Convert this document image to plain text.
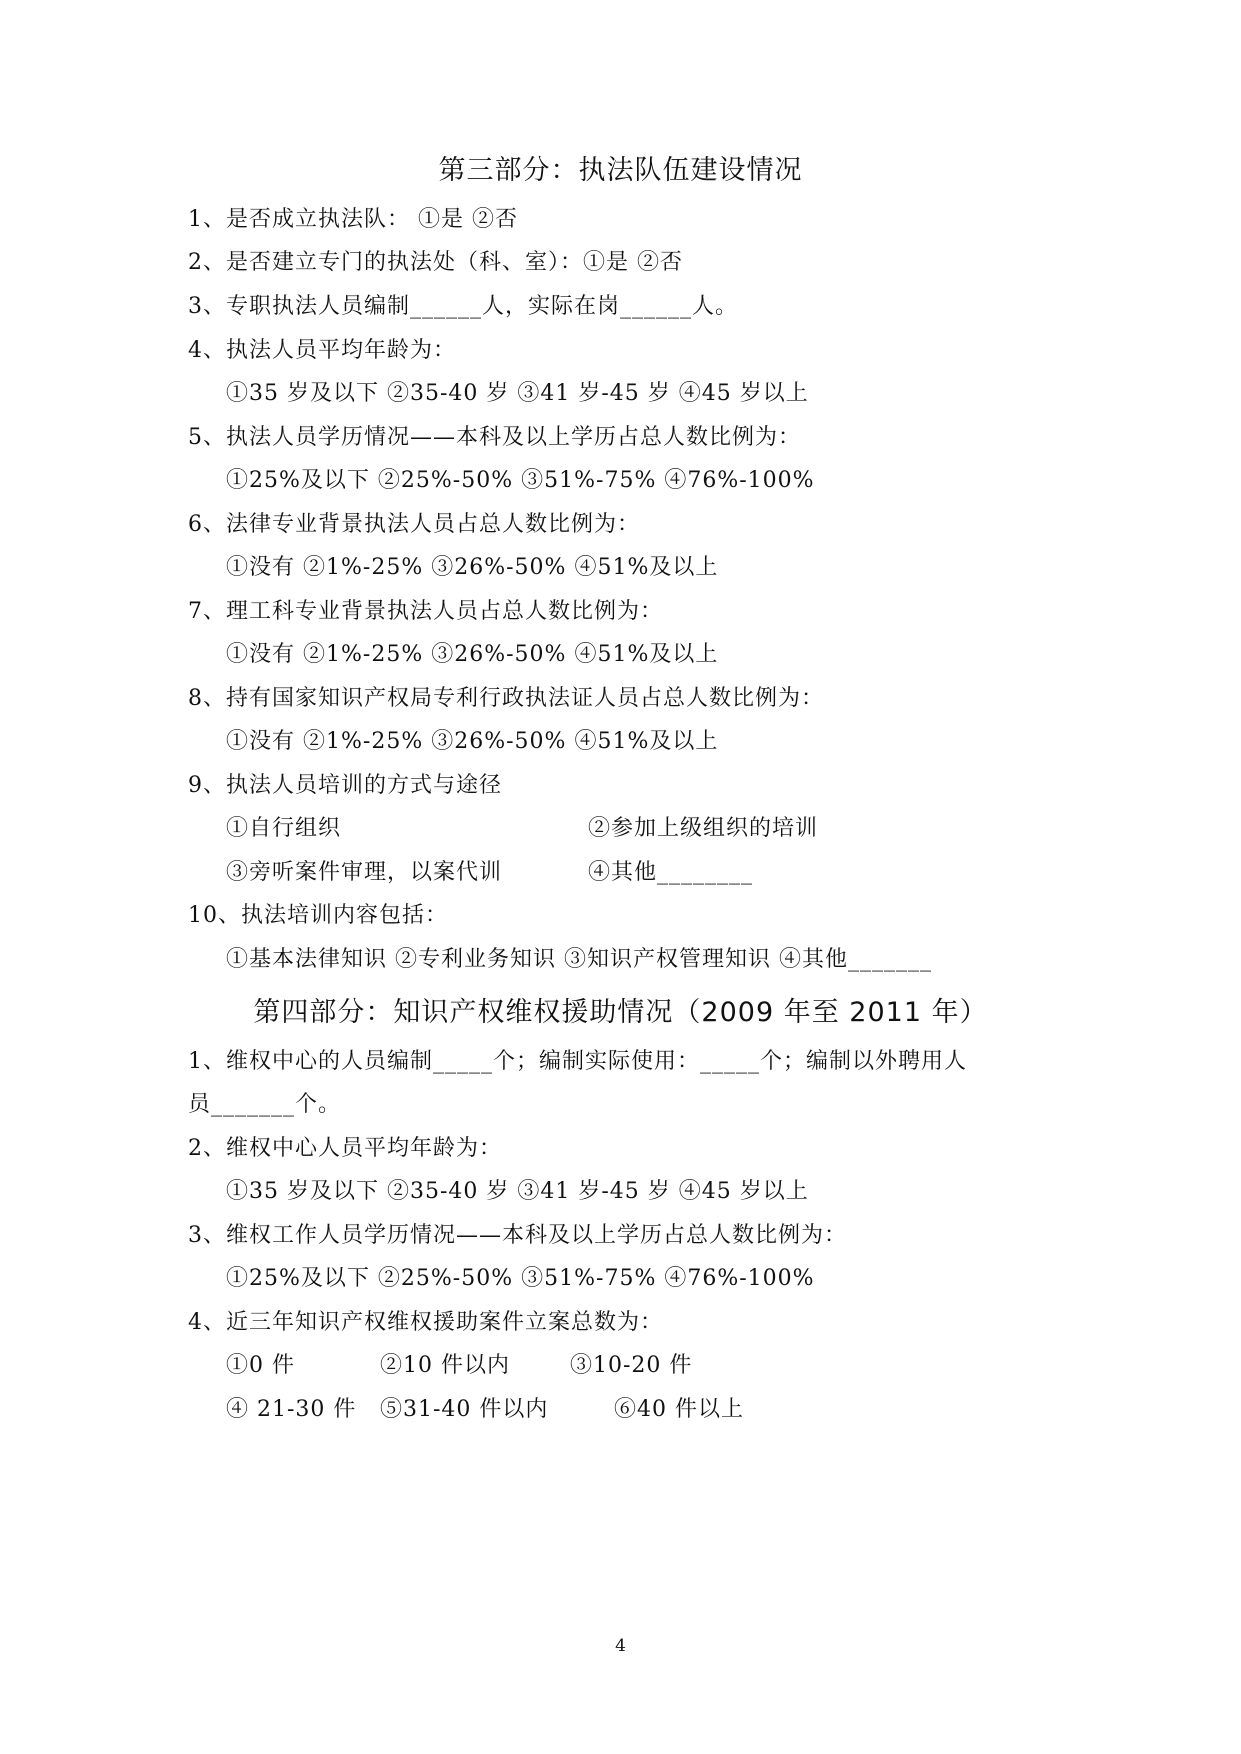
第三部分：执法队伍建设情况
1、是否成立执法队： ①是 ②否
2、是否建立专门的执法处（科、室）：①是 ②否
3、专职执法人员编制______人，实际在岗______人。
4、执法人员平均年龄为：
①35 岁及以下 ②35-40 岁 ③41 岁-45 岁 ④45 岁以上
5、执法人员学历情况——本科及以上学历占总人数比例为：
①25%及以下 ②25%-50% ③51%-75% ④76%-100%
6、法律专业背景执法人员占总人数比例为：
①没有 ②1%-25% ③26%-50% ④51%及以上
7、理工科专业背景执法人员占总人数比例为：
①没有 ②1%-25% ③26%-50% ④51%及以上
8、持有国家知识产权局专利行政执法证人员占总人数比例为：
①没有 ②1%-25% ③26%-50% ④51%及以上
9、执法人员培训的方式与途径
①自行组织	②参加上级组织的培训
③旁听案件审理，以案代训	④其他________
10、执法培训内容包括：
①基本法律知识 ②专利业务知识 ③知识产权管理知识 ④其他_______
第四部分：知识产权维权援助情况（2009 年至 2011 年）
1、维权中心的人员编制_____个；编制实际使用：_____个；编制以外聘用人
员_______个。
2、维权中心人员平均年龄为：
①35 岁及以下 ②35-40 岁 ③41 岁-45 岁 ④45 岁以上
3、维权工作人员学历情况——本科及以上学历占总人数比例为：
①25%及以下 ②25%-50% ③51%-75% ④76%-100%
4、近三年知识产权维权援助案件立案总数为：
①0 件	②10 件以内	③10-20 件
④ 21-30 件 ⑤31-40 件以内	⑥40 件以上
4
